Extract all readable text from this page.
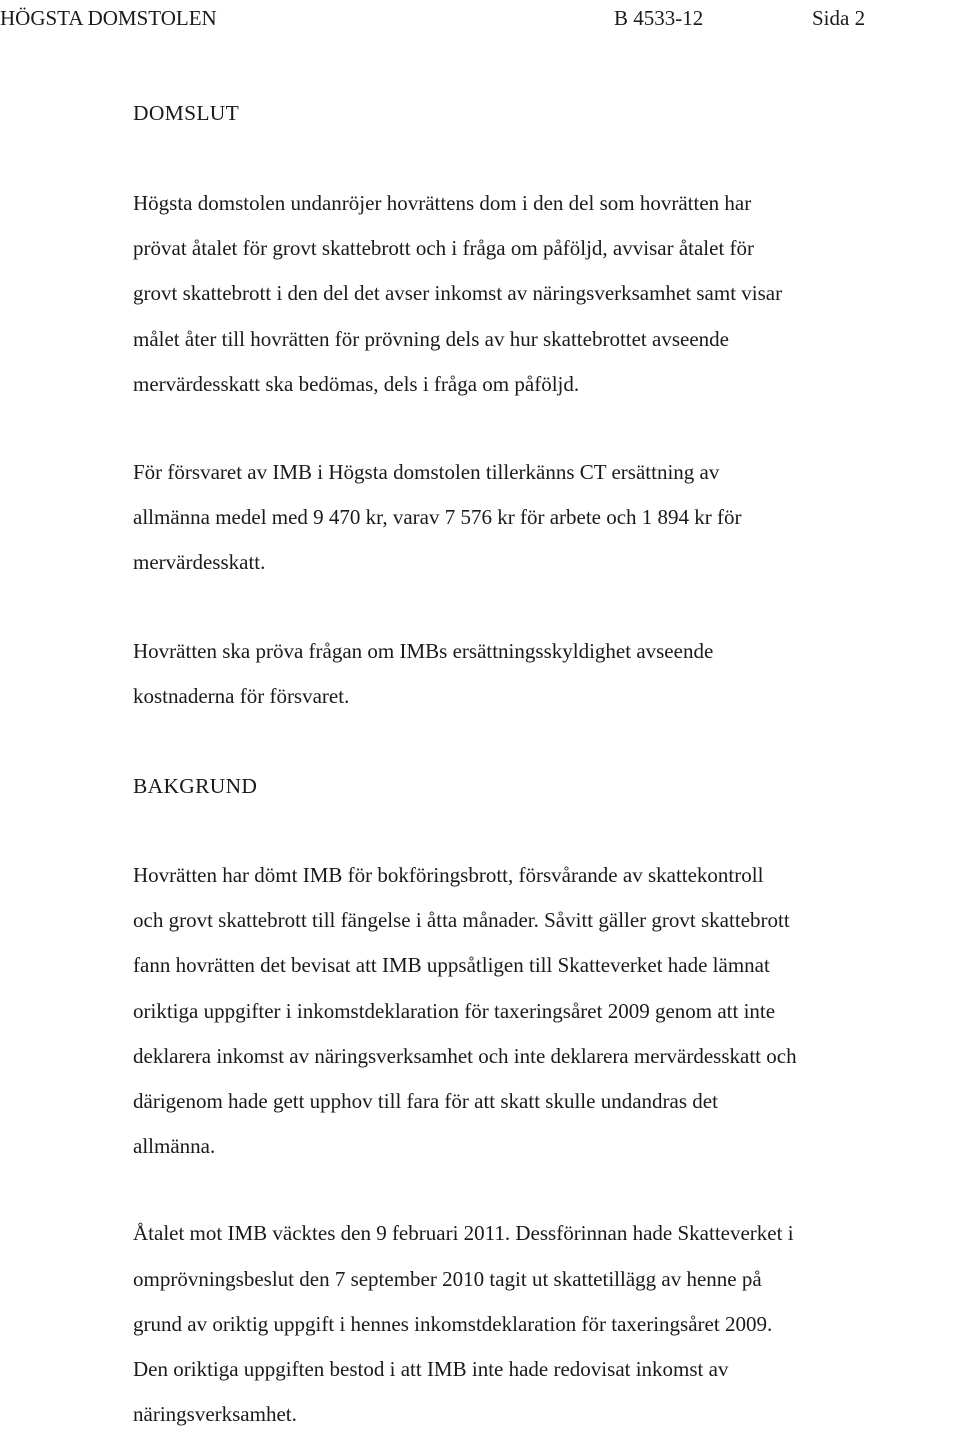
HÖGSTA DOMSTOLEN	B 4533-12	Sida 2
DOMSLUT

Högsta domstolen undanröjer hovrättens dom i den del som hovrätten har
prövat åtalet för grovt skattebrott och i fråga om påföljd, avvisar åtalet för
grovt skattebrott i den del det avser inkomst av näringsverksamhet samt visar
målet åter till hovrätten för prövning dels av hur skattebrottet avseende
mervärdesskatt ska bedömas, dels i fråga om påföljd.

För försvaret av IMB i Högsta domstolen tillerkänns CT ersättning av
allmänna medel med 9 470 kr, varav 7 576 kr för arbete och 1 894 kr för
mervärdesskatt.

Hovrätten ska pröva frågan om IMBs ersättningsskyldighet avseende
kostnaderna för försvaret.

BAKGRUND

Hovrätten har dömt IMB för bokföringsbrott, försvårande av skattekontroll
och grovt skattebrott till fängelse i åtta månader. Såvitt gäller grovt skattebrott
fann hovrätten det bevisat att IMB uppsåtligen till Skatteverket hade lämnat
oriktiga uppgifter i inkomstdeklaration för taxeringsåret 2009 genom att inte
deklarera inkomst av näringsverksamhet och inte deklarera mervärdesskatt och
därigenom hade gett upphov till fara för att skatt skulle undandras det
allmänna.

Åtalet mot IMB väcktes den 9 februari 2011. Dessförinnan hade Skatteverket i
omprövningsbeslut den 7 september 2010 tagit ut skattetillägg av henne på
grund av oriktig uppgift i hennes inkomstdeklaration för taxeringsåret 2009.
Den oriktiga uppgiften bestod i att IMB inte hade redovisat inkomst av
näringsverksamhet.
